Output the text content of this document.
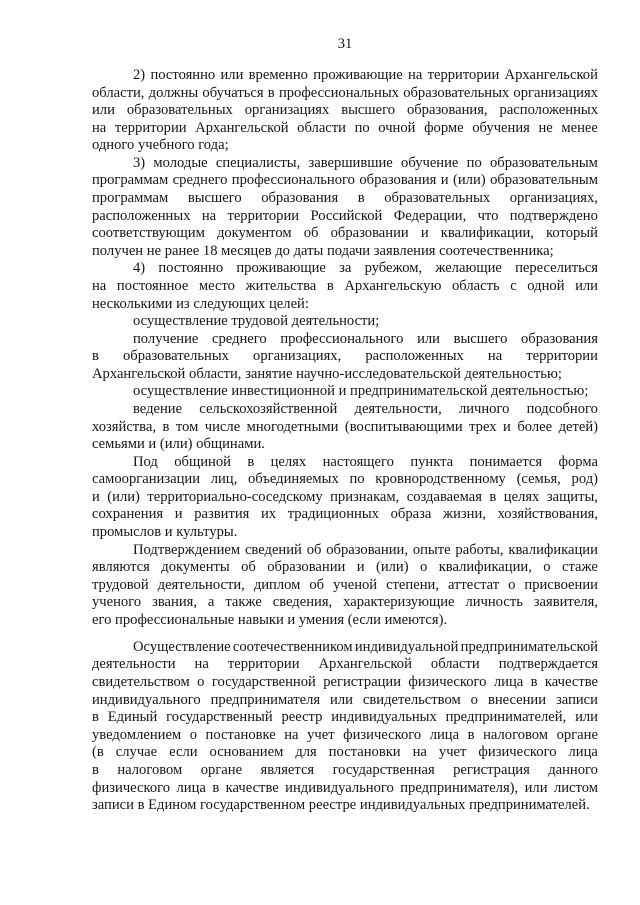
31
2) постоянно или временно проживающие на территории Архангельской
области, должны обучаться в профессиональных образовательных организациях
или образовательных организациях высшего образования, расположенных
на территории Архангельской области по очной форме обучения не менее
одного учебного года;
3) молодые специалисты, завершившие обучение по образовательным
программам среднего профессионального образования и (или) образовательным
программам высшего образования в образовательных организациях,
расположенных на территории Российской Федерации, что подтверждено
соответствующим документом об образовании и квалификации, который
получен не ранее 18 месяцев до даты подачи заявления соотечественника;
4) постоянно проживающие за рубежом, желающие переселиться
на постоянное место жительства в Архангельскую область с одной или
несколькими из следующих целей:
осуществление трудовой деятельности;
получение среднего профессионального или высшего образования
в образовательных организациях, расположенных на территории
Архангельской области, занятие научно-исследовательской деятельностью;
осуществление инвестиционной и предпринимательской деятельностью;
ведение сельскохозяйственной деятельности, личного подсобного
хозяйства, в том числе многодетными (воспитывающими трех и более детей)
семьями и (или) общинами.
Под общиной в целях настоящего пункта понимается форма
самоорганизации лиц, объединяемых по кровнородственному (семья, род)
и (или) территориально-соседскому признакам, создаваемая в целях защиты,
сохранения и развития их традиционных образа жизни, хозяйствования,
промыслов и культуры.
Подтверждением сведений об образовании, опыте работы, квалификации
являются документы об образовании и (или) о квалификации, о стаже
трудовой деятельности, диплом об ученой степени, аттестат о присвоении
ученого звания, а также сведения, характеризующие личность заявителя,
его профессиональные навыки и умения (если имеются).
Осуществление соотечественником индивидуальной предпринимательской
деятельности на территории Архангельской области подтверждается
свидетельством о государственной регистрации физического лица в качестве
индивидуального предпринимателя или свидетельством о внесении записи
в Единый государственный реестр индивидуальных предпринимателей, или
уведомлением о постановке на учет физического лица в налоговом органе
(в случае если основанием для постановки на учет физического лица
в налоговом органе является государственная регистрация данного
физического лица в качестве индивидуального предпринимателя), или листом
записи в Едином государственном реестре индивидуальных предпринимателей.
